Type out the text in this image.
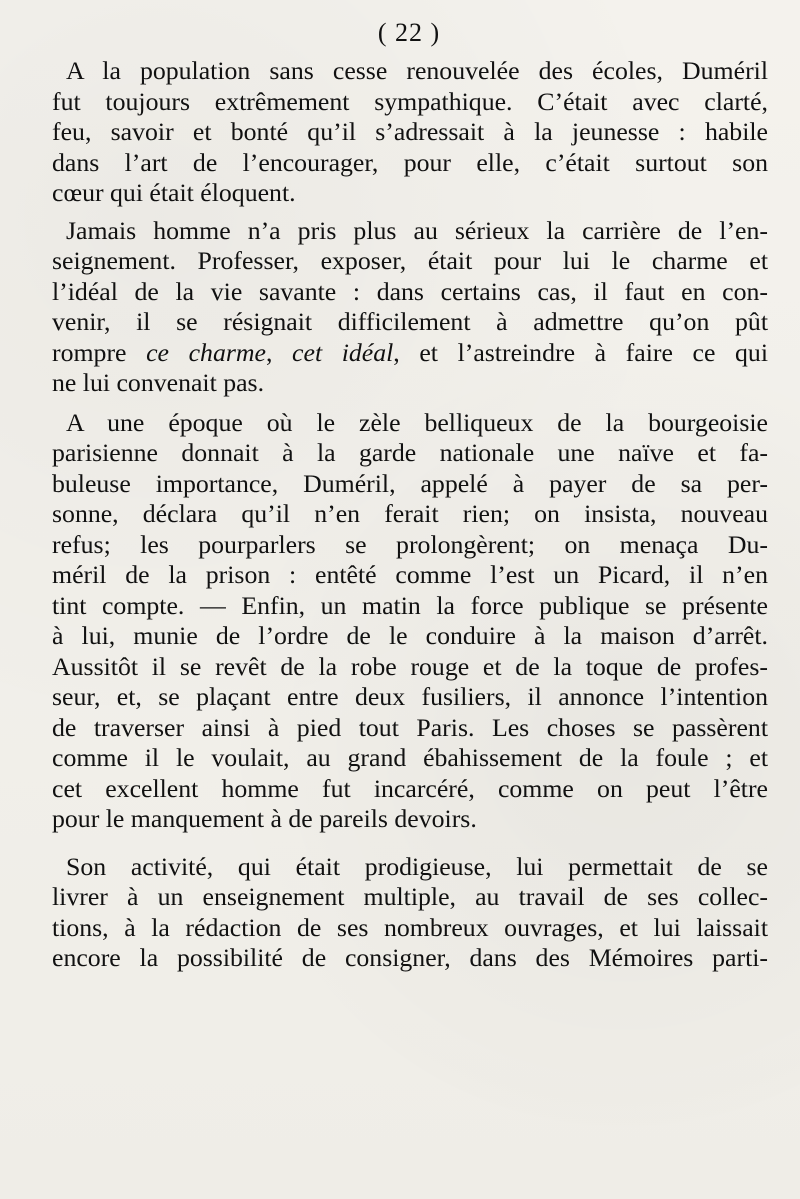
( 22 )
A la population sans cesse renouvelée des écoles, Duméril
fut toujours extrêmement sympathique. C’était avec clarté,
feu, savoir et bonté qu’il s’adressait à la jeunesse : habile
dans l’art de l’encourager, pour elle, c’était surtout son
cœur qui était éloquent.
Jamais homme n’a pris plus au sérieux la carrière de l’en-
seignement. Professer, exposer, était pour lui le charme et
l’idéal de la vie savante : dans certains cas, il faut en con-
venir, il se résignait difficilement à admettre qu’on pût
rompre ce charme, cet idéal, et l’astreindre à faire ce qui
ne lui convenait pas.
A une époque où le zèle belliqueux de la bourgeoisie
parisienne donnait à la garde nationale une naïve et fa-
buleuse importance, Duméril, appelé à payer de sa per-
sonne, déclara qu’il n’en ferait rien; on insista, nouveau
refus; les pourparlers se prolongèrent; on menaça Du-
méril de la prison : entêté comme l’est un Picard, il n’en
tint compte. — Enfin, un matin la force publique se présente
à lui, munie de l’ordre de le conduire à la maison d’arrêt.
Aussitôt il se revêt de la robe rouge et de la toque de profes-
seur, et, se plaçant entre deux fusiliers, il annonce l’intention
de traverser ainsi à pied tout Paris. Les choses se passèrent
comme il le voulait, au grand ébahissement de la foule ; et
cet excellent homme fut incarcéré, comme on peut l’être
pour le manquement à de pareils devoirs.
Son activité, qui était prodigieuse, lui permettait de se
livrer à un enseignement multiple, au travail de ses collec-
tions, à la rédaction de ses nombreux ouvrages, et lui laissait
encore la possibilité de consigner, dans des Mémoires parti-
